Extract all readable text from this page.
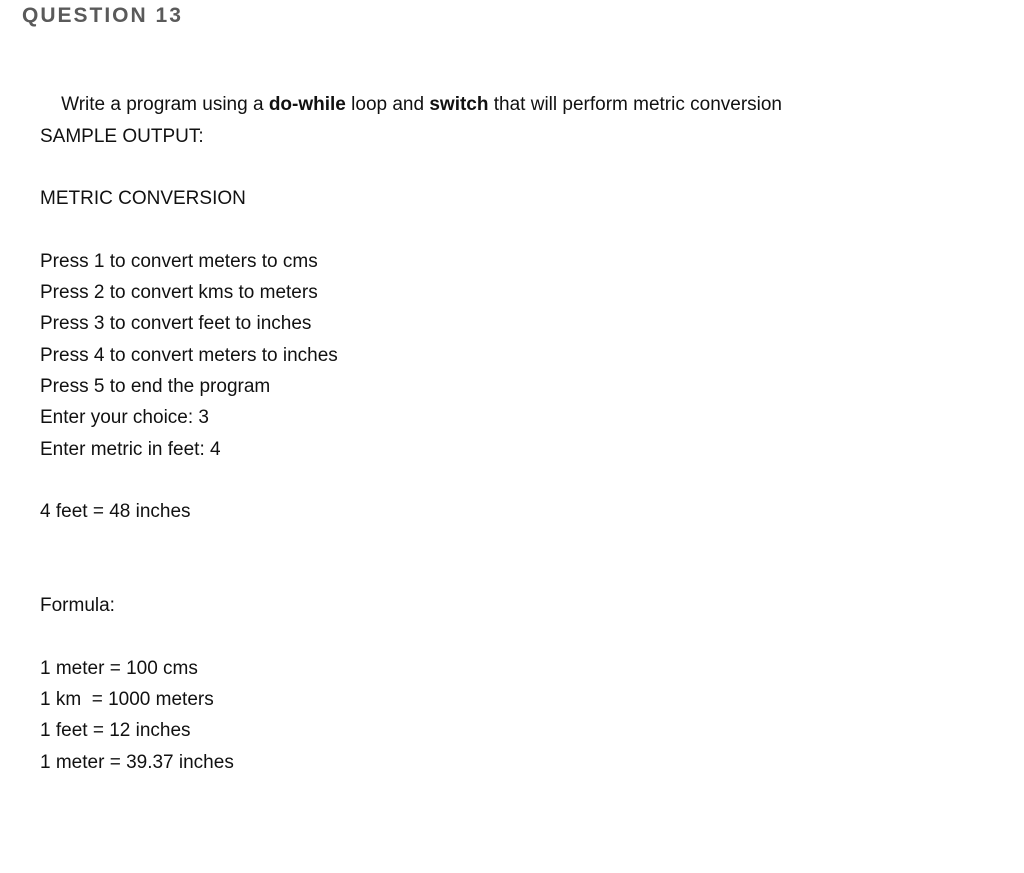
QUESTION 13

Write a program using a do-while loop and switch that will perform metric conversion

SAMPLE OUTPUT:
METRIC CONVERSION
Press 1 to convert meters to cms
Press 2 to convert kms to meters
Press 3 to convert feet to inches
Press 4 to convert meters to inches
Press 5 to end the program
Enter your choice: 3
Enter metric in feet: 4
4 feet = 48 inches
Formula:
1 meter = 100 cms
1 km  = 1000 meters
1 feet = 12 inches
1 meter = 39.37 inches
